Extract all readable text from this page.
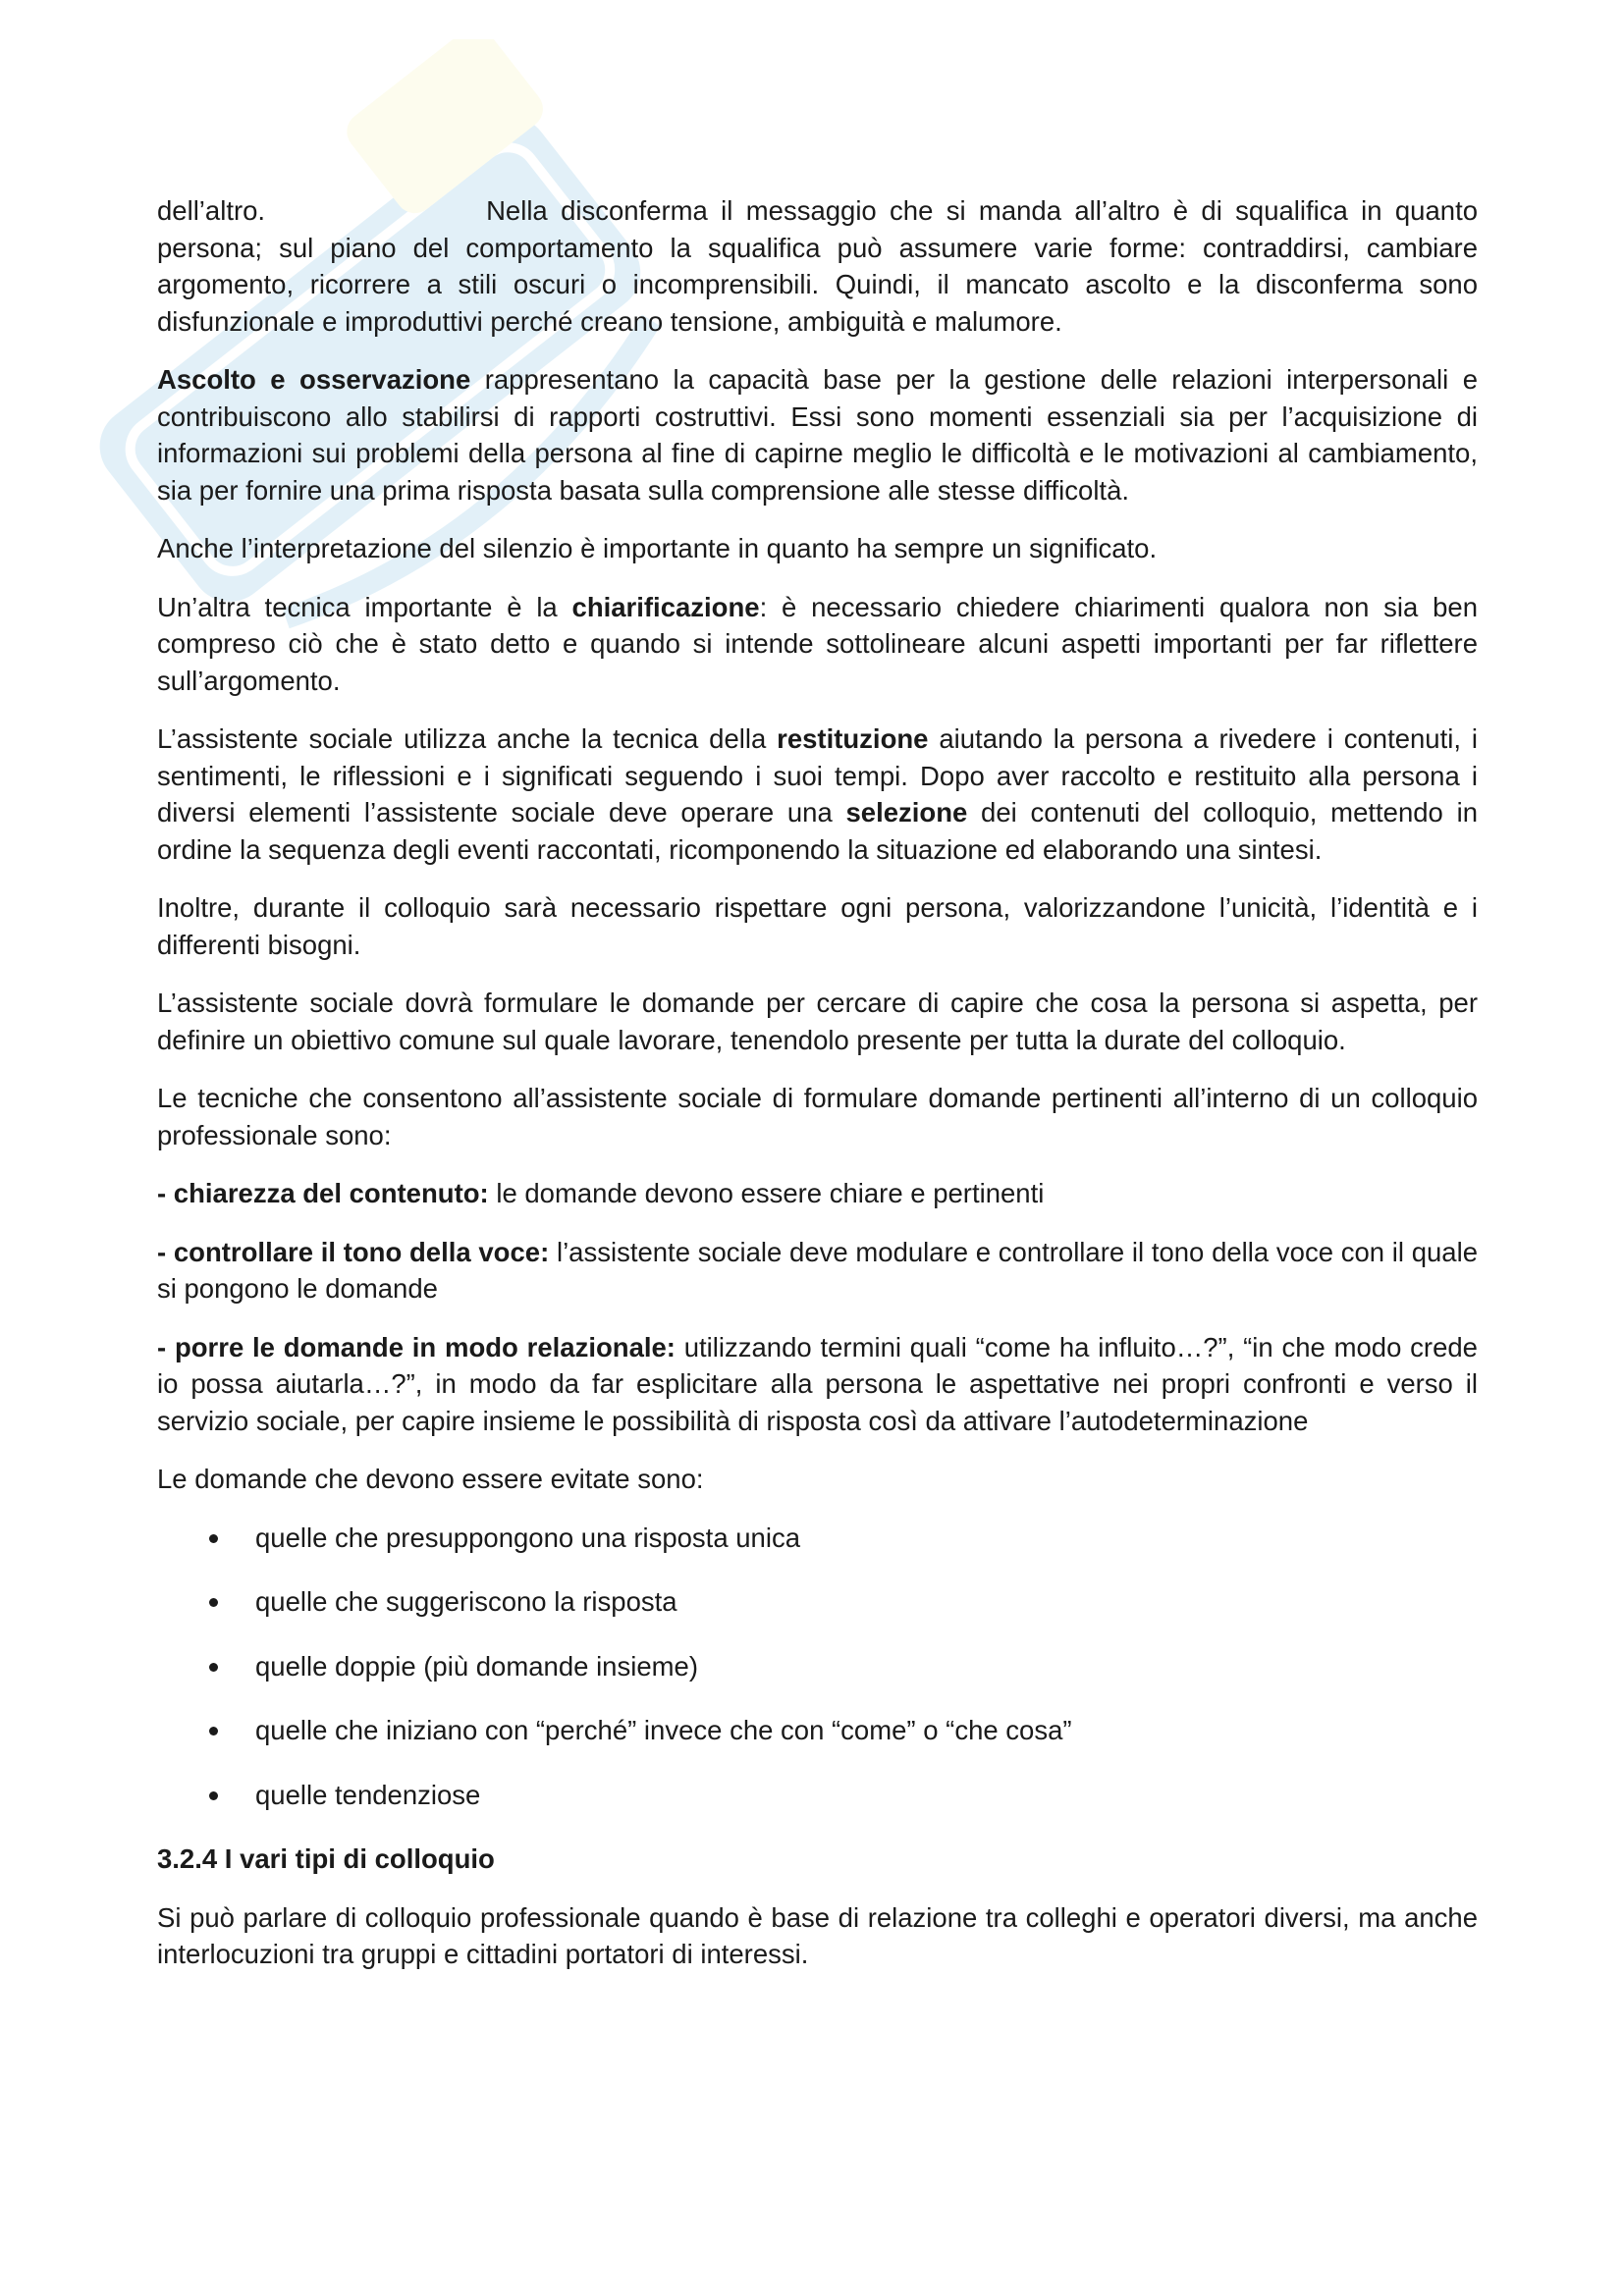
dell’altro.	Nella disconferma il messaggio che si manda all’altro è di squalifica in quanto persona; sul piano del comportamento la squalifica può assumere varie forme: contraddirsi, cambiare argomento, ricorrere a stili oscuri o incomprensibili. Quindi, il mancato ascolto e la disconferma sono disfunzionale e improduttivi perché creano tensione, ambiguità e malumore.

Ascolto e osservazione rappresentano la capacità base per la gestione delle relazioni interpersonali e contribuiscono allo stabilirsi di rapporti costruttivi. Essi sono momenti essenziali sia per l’acquisizione di informazioni sui problemi della persona al fine di capirne meglio le difficoltà e le motivazioni al cambiamento, sia per fornire una prima risposta basata sulla comprensione alle stesse difficoltà.

Anche l’interpretazione del silenzio è importante in quanto ha sempre un significato.

Un’altra tecnica importante è la chiarificazione: è necessario chiedere chiarimenti qualora non sia ben compreso ciò che è stato detto e quando si intende sottolineare alcuni aspetti importanti per far riflettere sull’argomento.

L’assistente sociale utilizza anche la tecnica della restituzione aiutando la persona a rivedere i contenuti, i sentimenti, le riflessioni e i significati seguendo i suoi tempi. Dopo aver raccolto e restituito alla persona i diversi elementi l’assistente sociale deve operare una selezione dei contenuti del colloquio, mettendo in ordine la sequenza degli eventi raccontati, ricomponendo la situazione ed elaborando una sintesi.

Inoltre, durante il colloquio sarà necessario rispettare ogni persona, valorizzandone l’unicità, l’identità e i differenti bisogni.

L’assistente sociale dovrà formulare le domande per cercare di capire che cosa la persona si aspetta, per definire un obiettivo comune sul quale lavorare, tenendolo presente per tutta la durate del colloquio.

Le tecniche che consentono all’assistente sociale di formulare domande pertinenti all’interno di un colloquio professionale sono:

- chiarezza del contenuto: le domande devono essere chiare e pertinenti

- controllare il tono della voce: l’assistente sociale deve modulare e controllare il tono della voce con il quale si pongono le domande

- porre le domande in modo relazionale: utilizzando termini quali “come ha influito…?”, “in che modo crede io possa aiutarla…?”, in modo da far esplicitare alla persona le aspettative nei propri confronti e verso il servizio sociale, per capire insieme le possibilità di risposta così da attivare l’autodeterminazione

Le domande che devono essere evitate sono:

quelle che presuppongono una risposta unica
quelle che suggeriscono la risposta
quelle doppie (più domande insieme)
quelle che iniziano con “perché” invece che con “come” o “che cosa”
quelle tendenziose
3.2.4 I vari tipi di colloquio

Si può parlare di colloquio professionale quando è base di relazione tra colleghi e operatori diversi, ma anche interlocuzioni tra gruppi e cittadini portatori di interessi.
